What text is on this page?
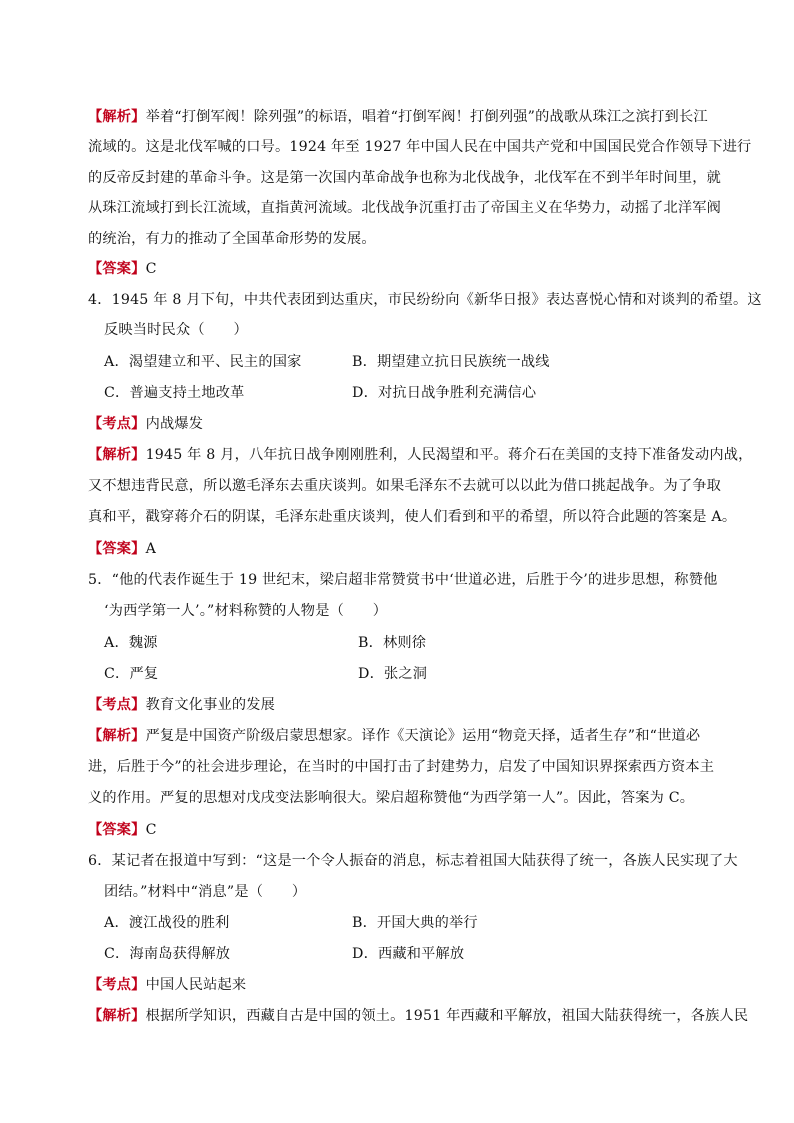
【解析】举着“打倒军阀！除列强”的标语，唱着“打倒军阀！打倒列强”的战歌从珠江之滨打到长江
流域的。这是北伐军喊的口号。1924 年至 1927 年中国人民在中国共产党和中国国民党合作领导下进行
的反帝反封建的革命斗争。这是第一次国内革命战争也称为北伐战争，北伐军在不到半年时间里，就
从珠江流域打到长江流域，直指黄河流域。北伐战争沉重打击了帝国主义在华势力，动摇了北洋军阀
的统治，有力的推动了全国革命形势的发展。
【答案】C
4．1945 年 8 月下旬，中共代表团到达重庆，市民纷纷向《新华日报》表达喜悦心情和对谈判的希望。这
反映当时民众（　　）
A．渴望建立和平、民主的国家	B．期望建立抗日民族统一战线
C．普遍支持土地改革	D．对抗日战争胜利充满信心
【考点】内战爆发
【解析】1945 年 8 月，八年抗日战争刚刚胜利，人民渴望和平。蒋介石在美国的支持下准备发动内战，
又不想违背民意，所以邀毛泽东去重庆谈判。如果毛泽东不去就可以以此为借口挑起战争。为了争取
真和平，戳穿蒋介石的阴谋，毛泽东赴重庆谈判，使人们看到和平的希望，所以符合此题的答案是 A。
【答案】A
5．“他的代表作诞生于 19 世纪末，梁启超非常赞赏书中‘世道必进，后胜于今’的进步思想，称赞他
‘为西学第一人’。”材料称赞的人物是（　　）
A．魏源	B．林则徐
C．严复	D．张之洞
【考点】教育文化事业的发展
【解析】严复是中国资产阶级启蒙思想家。译作《天演论》运用“物竞天择，适者生存”和“世道必
进，后胜于今”的社会进步理论，在当时的中国打击了封建势力，启发了中国知识界探索西方资本主
义的作用。严复的思想对戊戌变法影响很大。梁启超称赞他“为西学第一人”。因此，答案为 C。
【答案】C
6．某记者在报道中写到：“这是一个令人振奋的消息，标志着祖国大陆获得了统一，各族人民实现了大
团结。”材料中“消息”是（　　）
A．渡江战役的胜利	B．开国大典的举行
C．海南岛获得解放	D．西藏和平解放
【考点】中国人民站起来
【解析】根据所学知识，西藏自古是中国的领土。1951 年西藏和平解放，祖国大陆获得统一，各族人民
